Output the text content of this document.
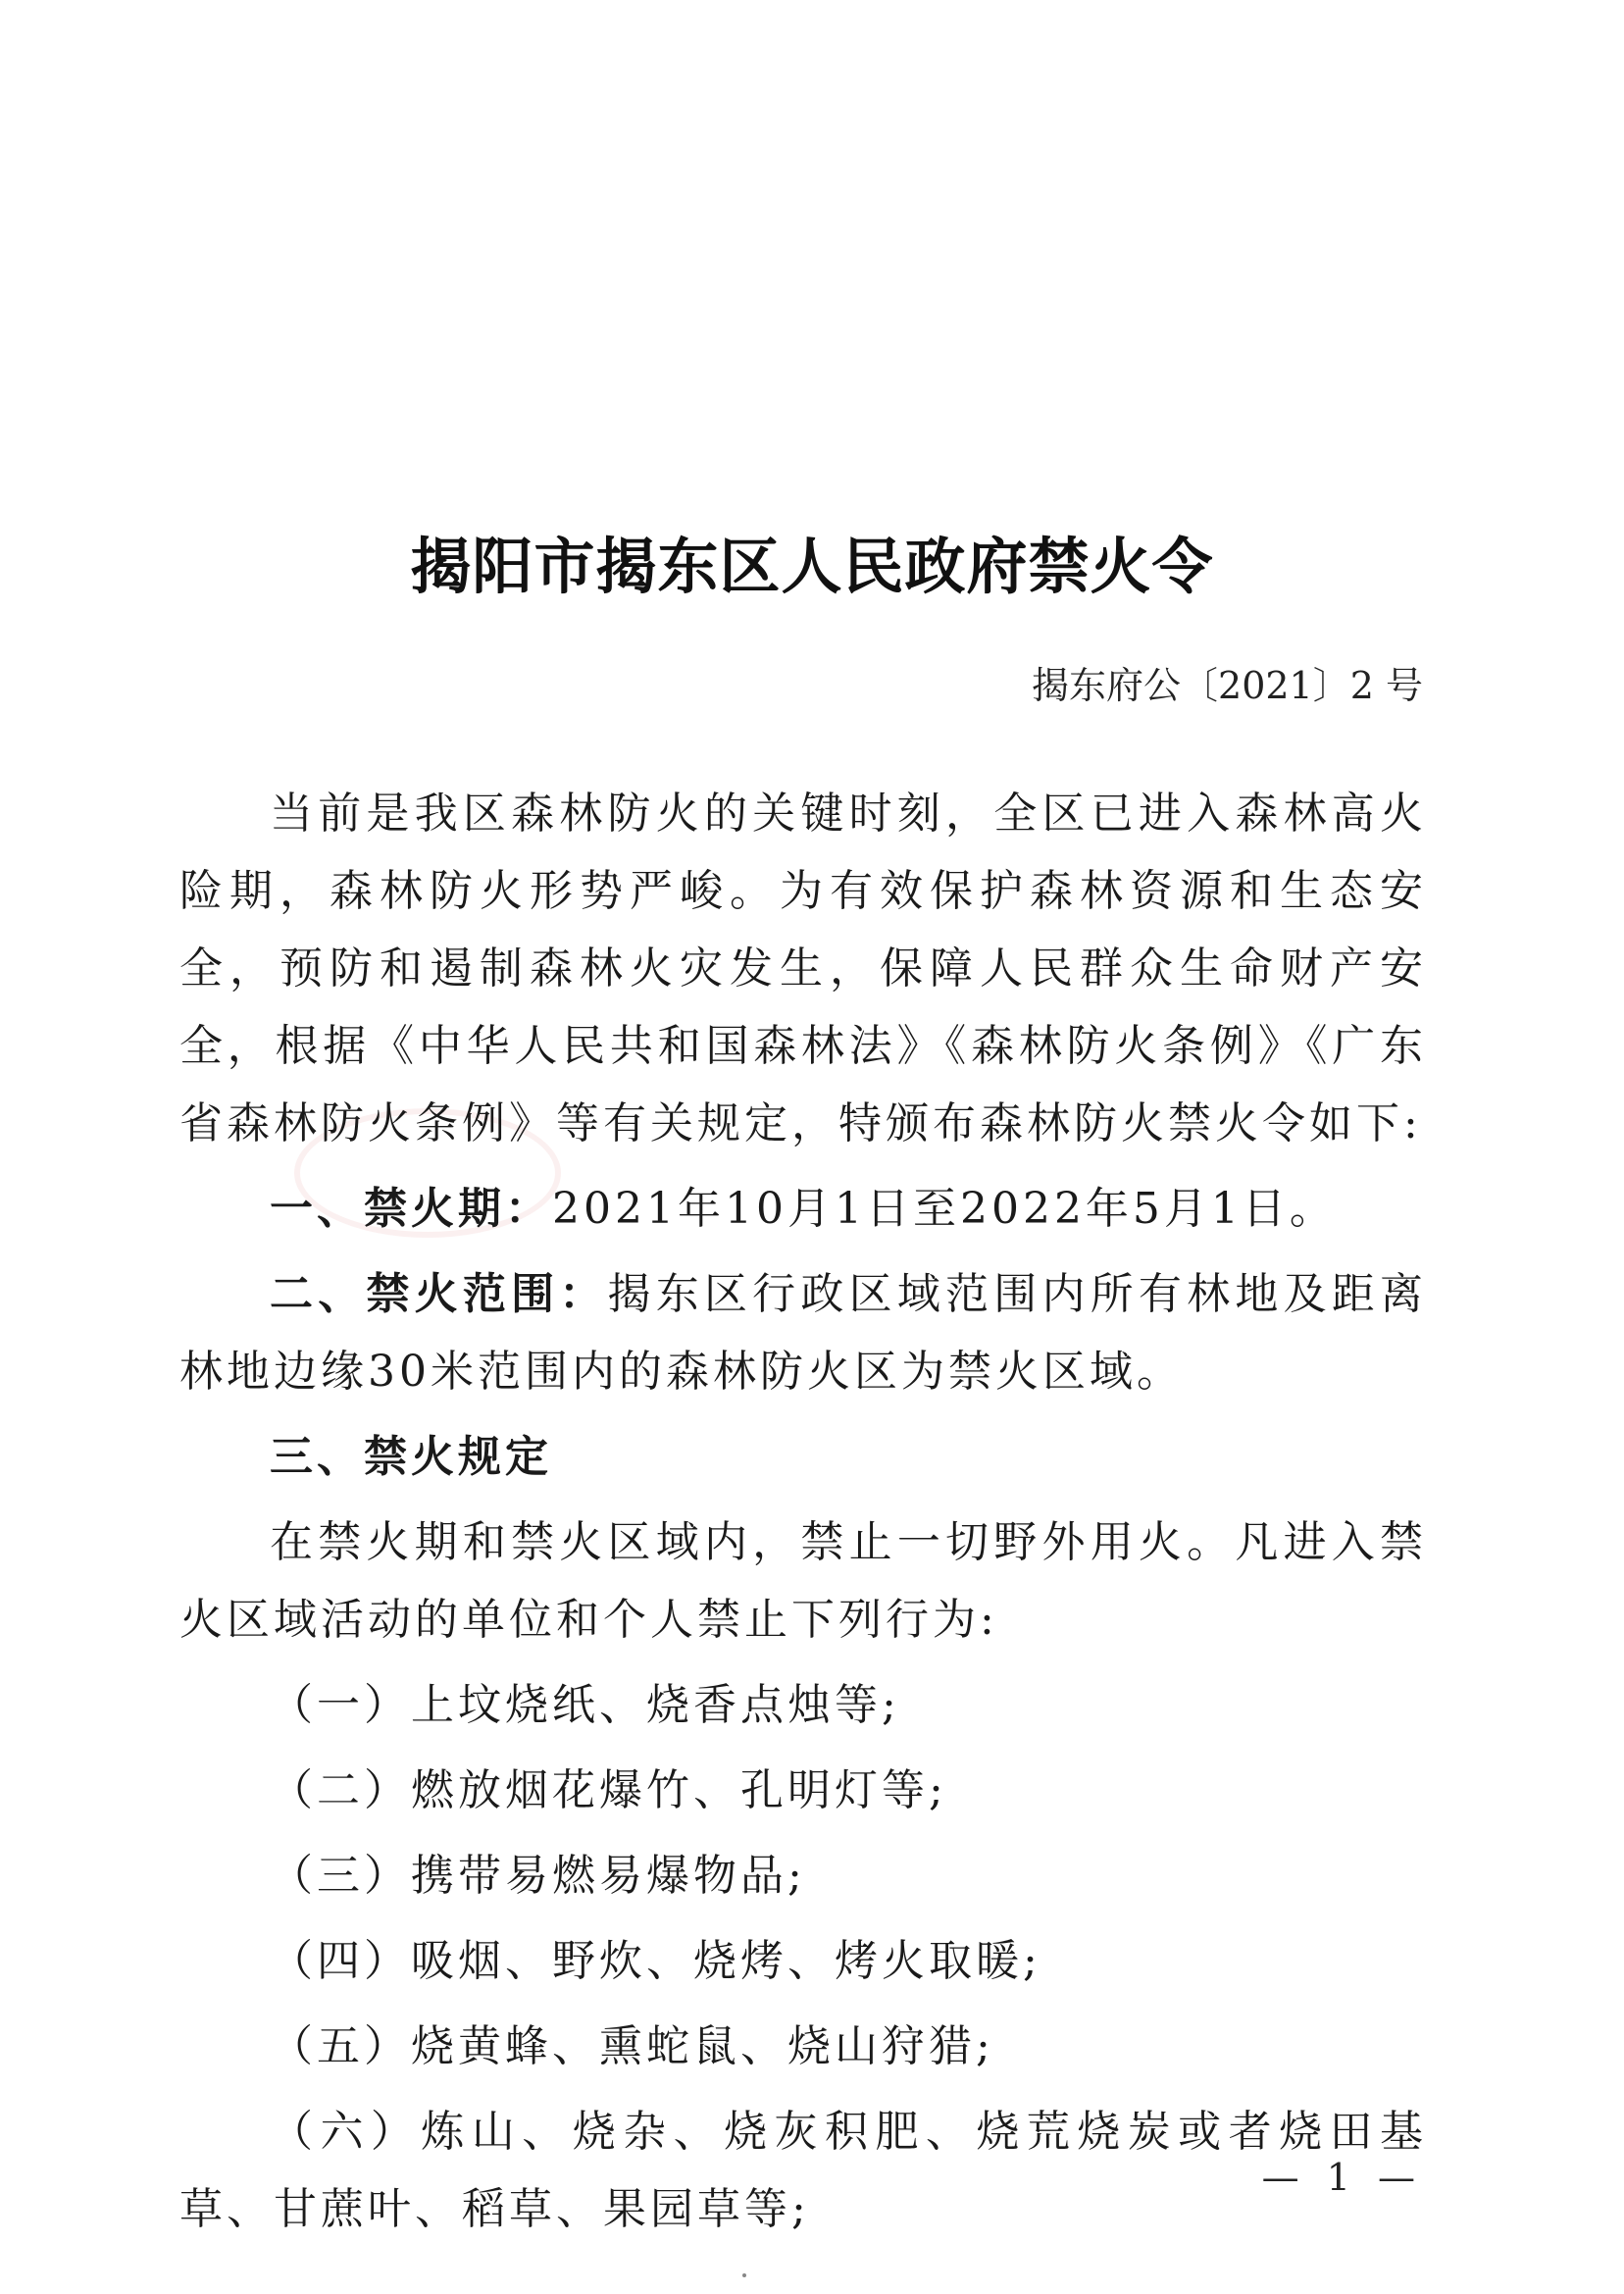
揭阳市揭东区人民政府禁火令
揭东府公〔2021〕2 号

当前是我区森林防火的关键时刻，全区已进入森林高火险期，森林防火形势严峻。为有效保护森林资源和生态安全，预防和遏制森林火灾发生，保障人民群众生命财产安全，根据《中华人民共和国森林法》《森林防火条例》《广东省森林防火条例》等有关规定，特颁布森林防火禁火令如下:

一、禁火期：2021年10月1日至2022年5月1日。

二、禁火范围：揭东区行政区域范围内所有林地及距离林地边缘30米范围内的森林防火区为禁火区域。

三、禁火规定

在禁火期和禁火区域内，禁止一切野外用火。凡进入禁火区域活动的单位和个人禁止下列行为:

（一）上坟烧纸、烧香点烛等;

（二）燃放烟花爆竹、孔明灯等;

（三）携带易燃易爆物品;

（四）吸烟、野炊、烧烤、烤火取暖;

（五）烧黄蜂、熏蛇鼠、烧山狩猎;

（六）炼山、烧杂、烧灰积肥、烧荒烧炭或者烧田基草、甘蔗叶、稻草、果园草等;

— 1 —
